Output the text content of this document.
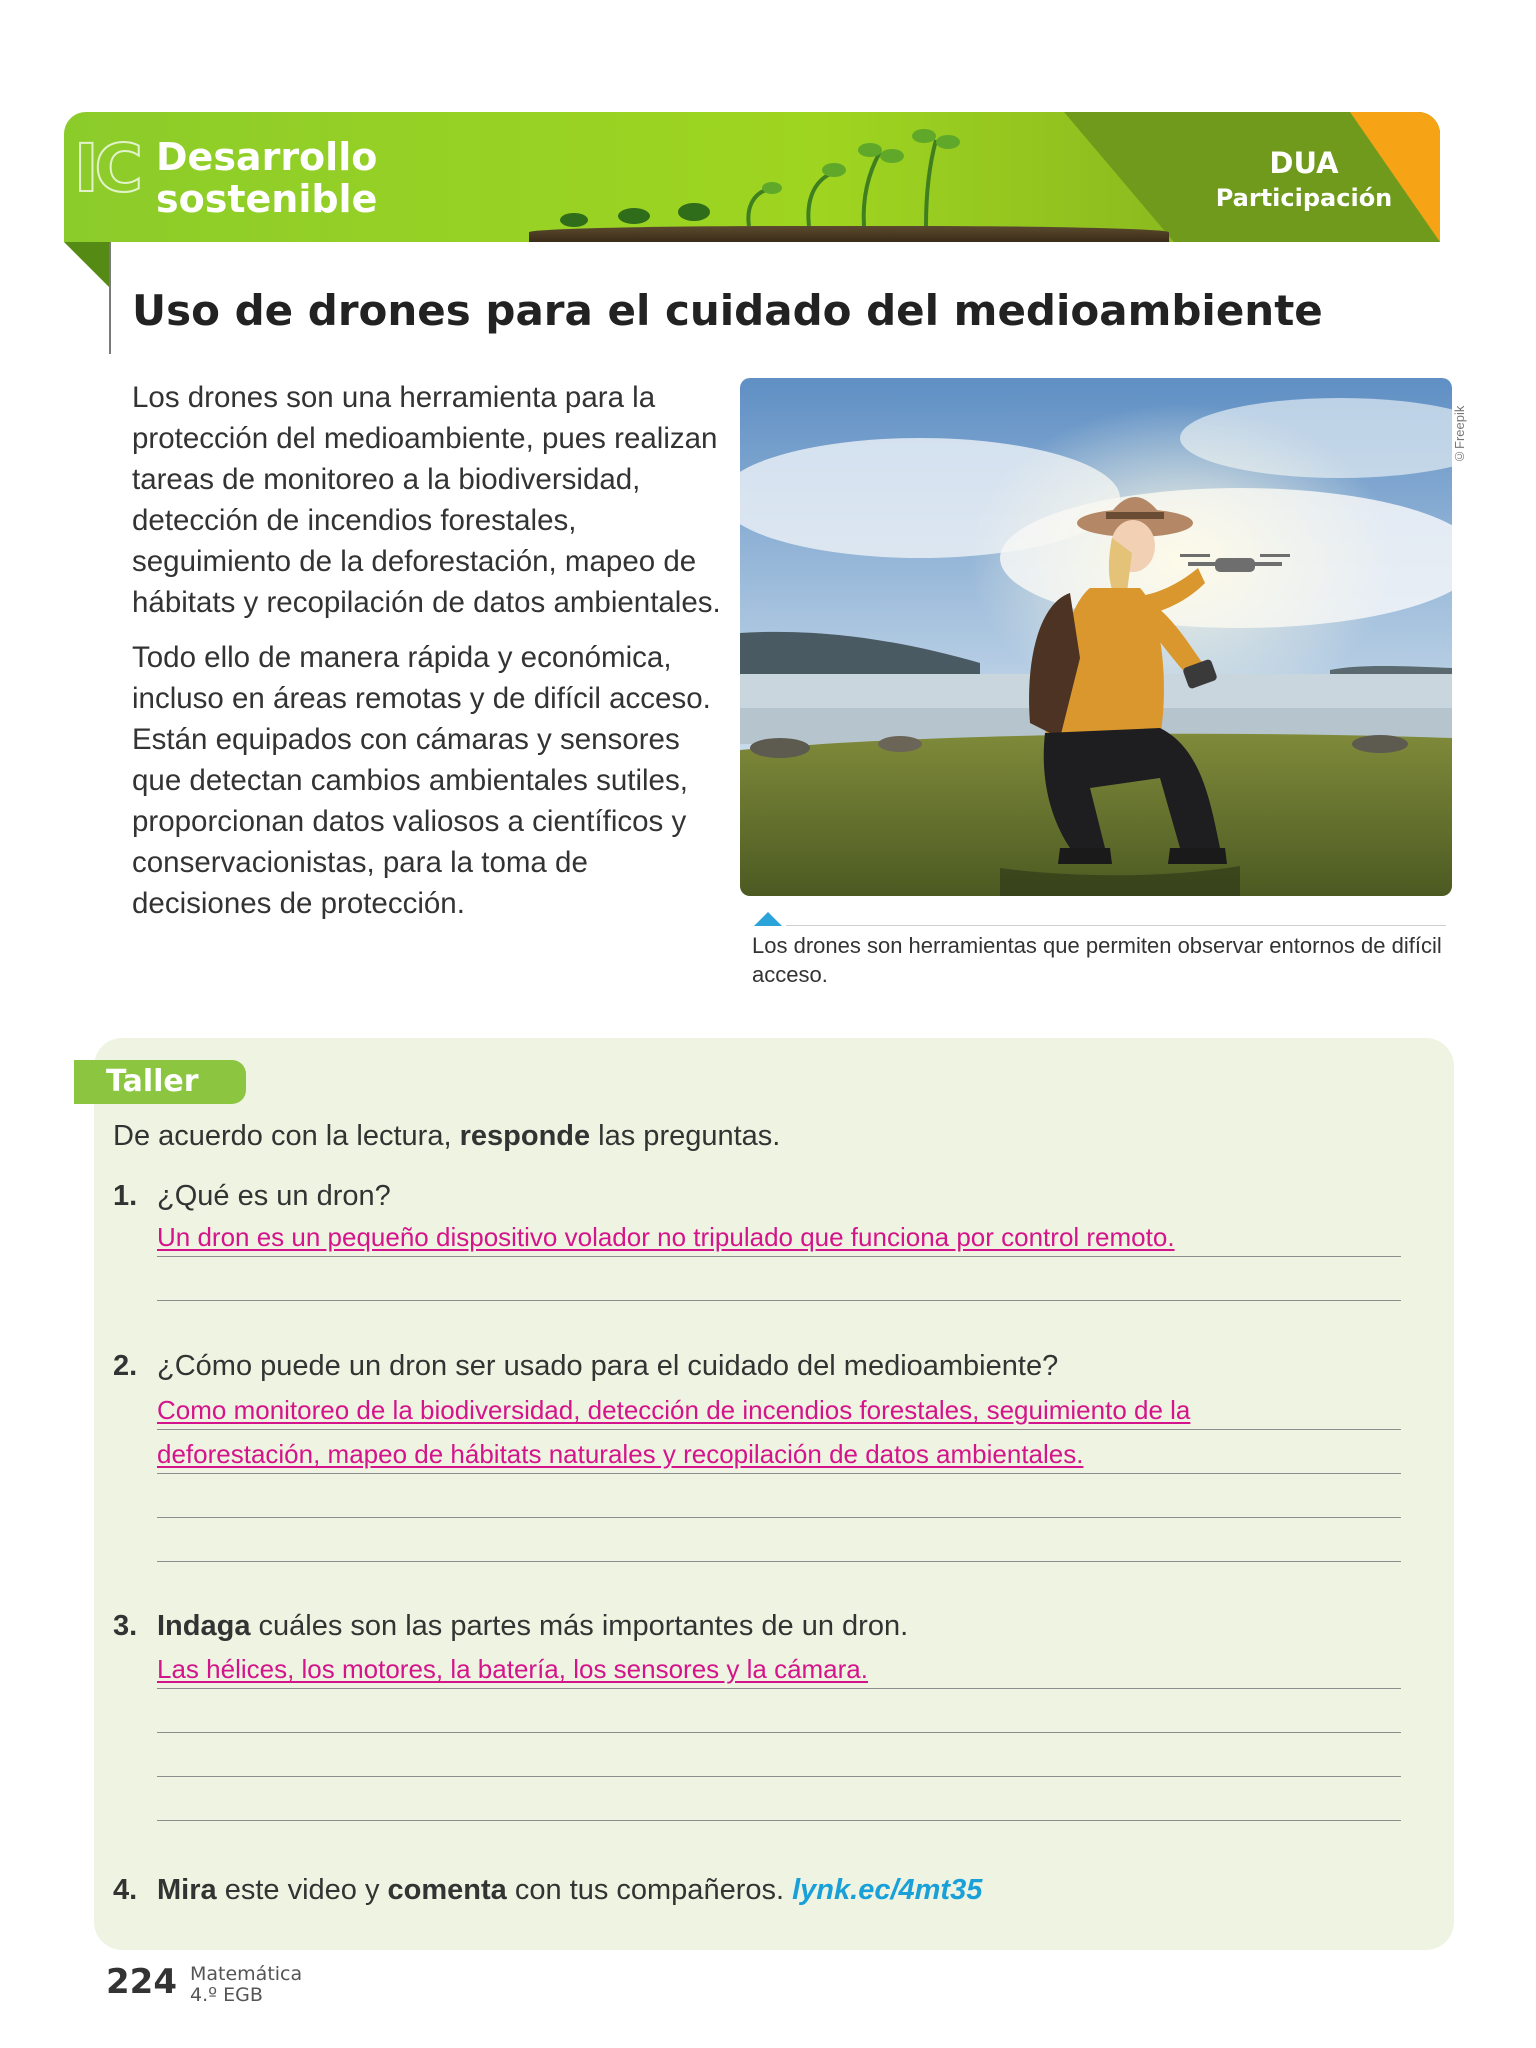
IC Desarrollo
sostenible
DUA
Participación
Uso de drones para el cuidado del medioambiente

Los drones son una herramienta para la protección del medioambiente, pues realizan tareas de monitoreo a la biodiversidad, detección de incendios forestales, seguimiento de la deforestación, mapeo de hábitats y recopilación de datos ambientales.

Todo ello de manera rápida y económica, incluso en áreas remotas y de difícil acceso. Están equipados con cámaras y sensores que detectan cambios ambientales sutiles, proporcionan datos valiosos a científicos y conservacionistas, para la toma de decisiones de protección.

©Freepik
Los drones son herramientas que permiten observar entornos de difícil acceso.
Taller
De acuerdo con la lectura, responde las preguntas.
1. ¿Qué es un dron?
Un dron es un pequeño dispositivo volador no tripulado que funciona por control remoto.
2. ¿Cómo puede un dron ser usado para el cuidado del medioambiente?
Como monitoreo de la biodiversidad, detección de incendios forestales, seguimiento de la
deforestación, mapeo de hábitats naturales y recopilación de datos ambientales.
3. Indaga cuáles son las partes más importantes de un dron.
Las hélices, los motores, la batería, los sensores y la cámara.
4. Mira este video y comenta con tus compañeros. lynk.ec/4mt35
224 Matemática
4.º EGB
